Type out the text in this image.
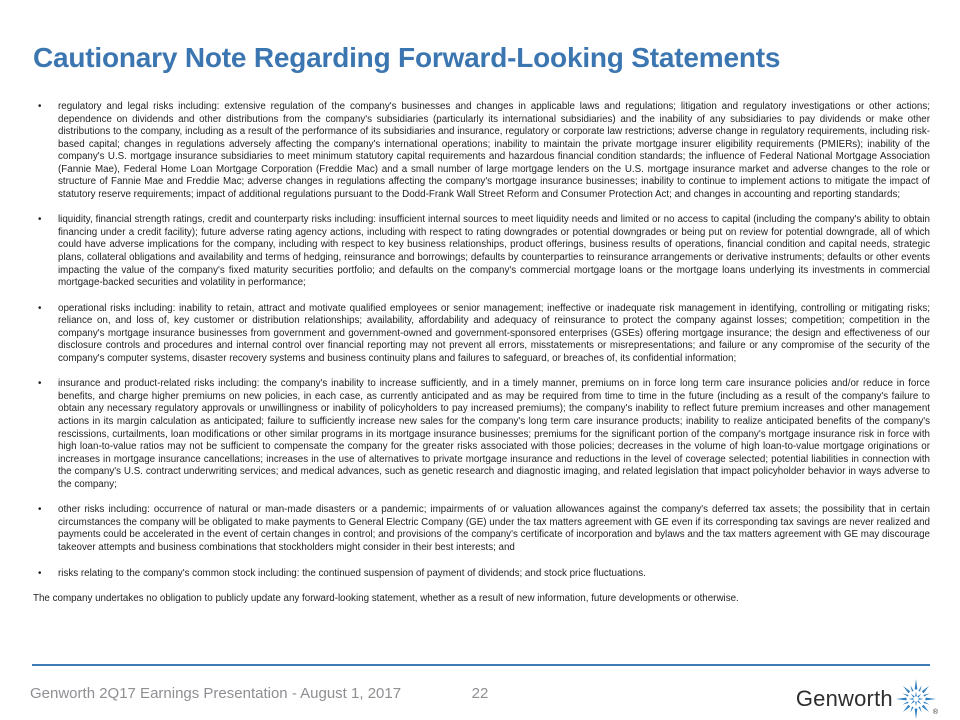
Cautionary Note Regarding Forward-Looking Statements
• regulatory and legal risks including: extensive regulation of the company's businesses and changes in applicable laws and regulations; litigation and regulatory investigations or other actions; dependence on dividends and other distributions from the company's subsidiaries (particularly its international subsidiaries) and the inability of any subsidiaries to pay dividends or make other distributions to the company, including as a result of the performance of its subsidiaries and insurance, regulatory or corporate law restrictions; adverse change in regulatory requirements, including risk-based capital; changes in regulations adversely affecting the company's international operations; inability to maintain the private mortgage insurer eligibility requirements (PMIERs); inability of the company's U.S. mortgage insurance subsidiaries to meet minimum statutory capital requirements and hazardous financial condition standards; the influence of Federal National Mortgage Association (Fannie Mae), Federal Home Loan Mortgage Corporation (Freddie Mac) and a small number of large mortgage lenders on the U.S. mortgage insurance market and adverse changes to the role or structure of Fannie Mae and Freddie Mac; adverse changes in regulations affecting the company's mortgage insurance businesses; inability to continue to implement actions to mitigate the impact of statutory reserve requirements; impact of additional regulations pursuant to the Dodd-Frank Wall Street Reform and Consumer Protection Act; and changes in accounting and reporting standards;
• liquidity, financial strength ratings, credit and counterparty risks including: insufficient internal sources to meet liquidity needs and limited or no access to capital (including the company's ability to obtain financing under a credit facility); future adverse rating agency actions, including with respect to rating downgrades or potential downgrades or being put on review for potential downgrade, all of which could have adverse implications for the company, including with respect to key business relationships, product offerings, business results of operations, financial condition and capital needs, strategic plans, collateral obligations and availability and terms of hedging, reinsurance and borrowings; defaults by counterparties to reinsurance arrangements or derivative instruments; defaults or other events impacting the value of the company's fixed maturity securities portfolio; and defaults on the company's commercial mortgage loans or the mortgage loans underlying its investments in commercial mortgage-backed securities and volatility in performance;
• operational risks including: inability to retain, attract and motivate qualified employees or senior management; ineffective or inadequate risk management in identifying, controlling or mitigating risks; reliance on, and loss of, key customer or distribution relationships; availability, affordability and adequacy of reinsurance to protect the company against losses; competition; competition in the company's mortgage insurance businesses from government and government-owned and government-sponsored enterprises (GSEs) offering mortgage insurance; the design and effectiveness of our disclosure controls and procedures and internal control over financial reporting may not prevent all errors, misstatements or misrepresentations; and failure or any compromise of the security of the company's computer systems, disaster recovery systems and business continuity plans and failures to safeguard, or breaches of, its confidential information;
• insurance and product-related risks including: the company's inability to increase sufficiently, and in a timely manner, premiums on in force long term care insurance policies and/or reduce in force benefits, and charge higher premiums on new policies, in each case, as currently anticipated and as may be required from time to time in the future (including as a result of the company's failure to obtain any necessary regulatory approvals or unwillingness or inability of policyholders to pay increased premiums); the company's inability to reflect future premium increases and other management actions in its margin calculation as anticipated; failure to sufficiently increase new sales for the company's long term care insurance products; inability to realize anticipated benefits of the company's rescissions, curtailments, loan modifications or other similar programs in its mortgage insurance businesses; premiums for the significant portion of the company's mortgage insurance risk in force with high loan-to-value ratios may not be sufficient to compensate the company for the greater risks associated with those policies; decreases in the volume of high loan-to-value mortgage originations or increases in mortgage insurance cancellations; increases in the use of alternatives to private mortgage insurance and reductions in the level of coverage selected; potential liabilities in connection with the company's U.S. contract underwriting services; and medical advances, such as genetic research and diagnostic imaging, and related legislation that impact policyholder behavior in ways adverse to the company;
• other risks including: occurrence of natural or man-made disasters or a pandemic; impairments of or valuation allowances against the company's deferred tax assets; the possibility that in certain circumstances the company will be obligated to make payments to General Electric Company (GE) under the tax matters agreement with GE even if its corresponding tax savings are never realized and payments could be accelerated in the event of certain changes in control; and provisions of the company's certificate of incorporation and bylaws and the tax matters agreement with GE may discourage takeover attempts and business combinations that stockholders might consider in their best interests; and
• risks relating to the company's common stock including: the continued suspension of payment of dividends; and stock price fluctuations.
The company undertakes no obligation to publicly update any forward-looking statement, whether as a result of new information, future developments or otherwise.
Genworth 2Q17 Earnings Presentation - August 1, 2017	22	Genworth
®
